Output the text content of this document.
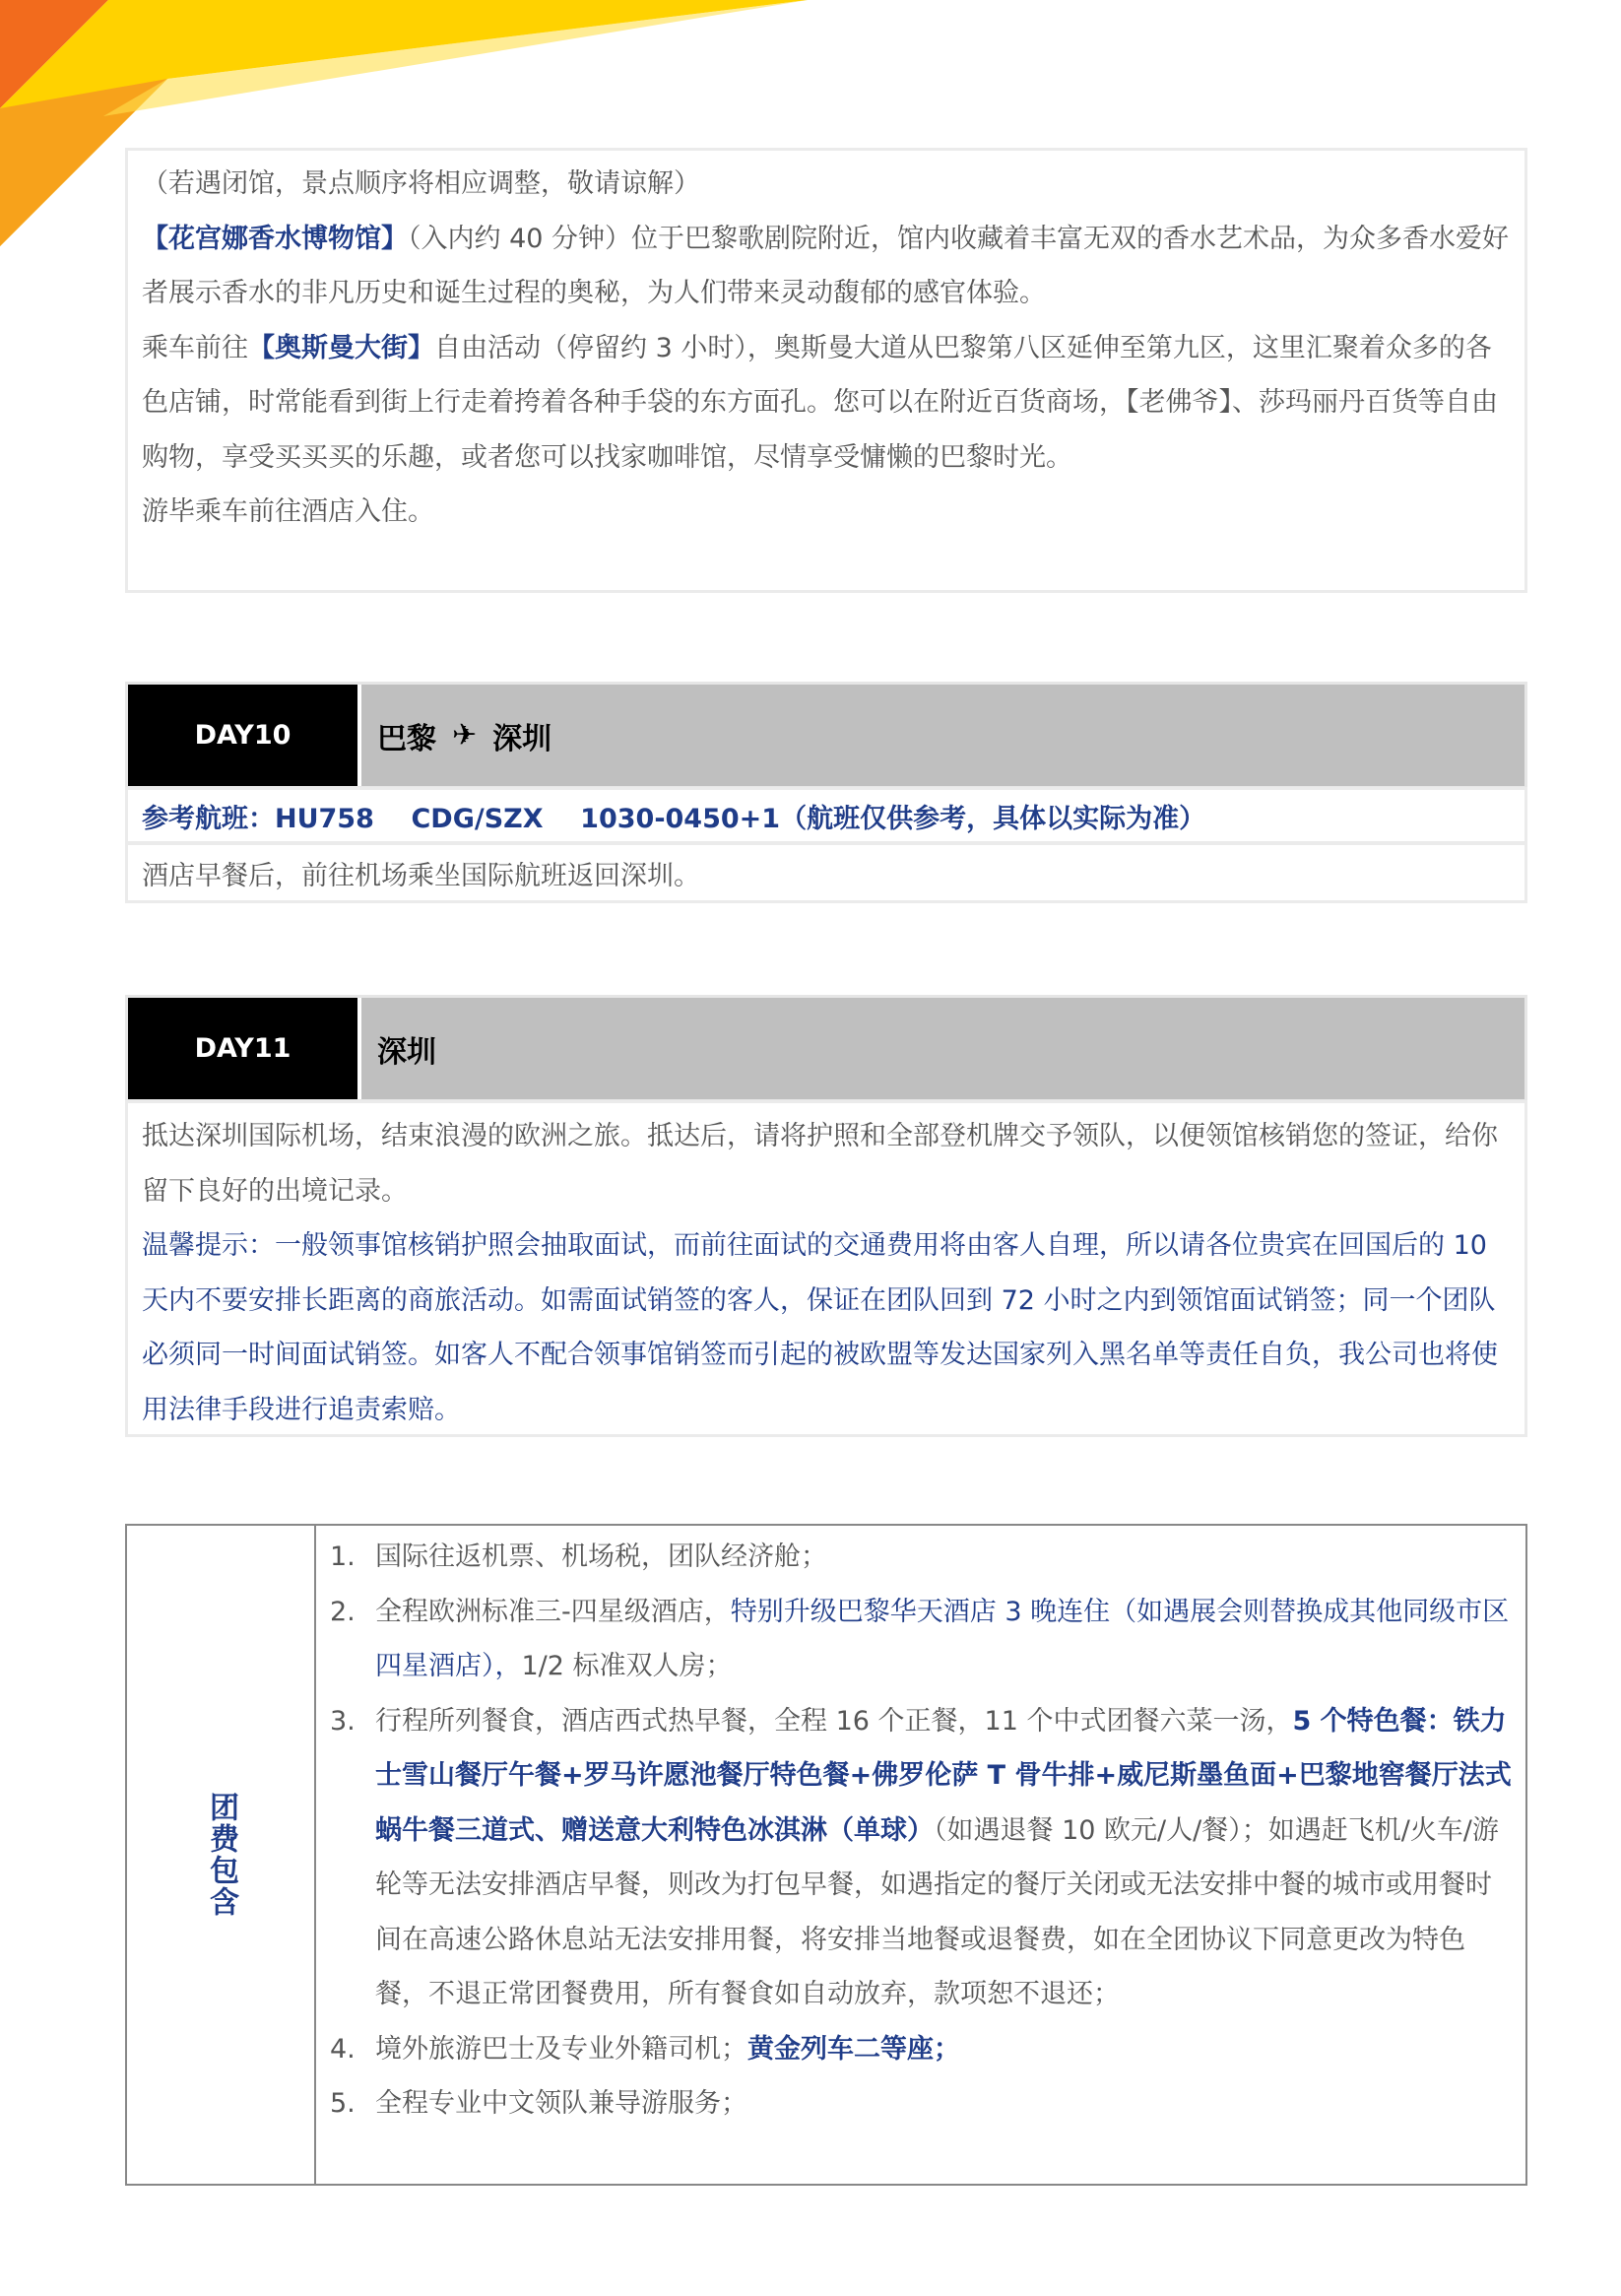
（若遇闭馆，景点顺序将相应调整，敬请谅解）

【花宫娜香水博物馆】（入内约 40 分钟）位于巴黎歌剧院附近，馆内收藏着丰富无双的香水艺术品，为众多香水爱好者展示香水的非凡历史和诞生过程的奥秘，为人们带来灵动馥郁的感官体验。

乘车前往【奥斯曼大街】自由活动（停留约 3 小时），奥斯曼大道从巴黎第八区延伸至第九区，这里汇聚着众多的各色店铺，时常能看到街上行走着挎着各种手袋的东方面孔。您可以在附近百货商场，【老佛爷】、莎玛丽丹百货等自由购物，享受买买买的乐趣，或者您可以找家咖啡馆，尽情享受慵懒的巴黎时光。

游毕乘车前往酒店入住。

DAY10	巴黎 ✈ 深圳
参考航班：HU758    CDG/SZX    1030-0450+1（航班仅供参考，具体以实际为准）
酒店早餐后，前往机场乘坐国际航班返回深圳。
DAY11	深圳

抵达深圳国际机场，结束浪漫的欧洲之旅。抵达后，请将护照和全部登机牌交予领队，以便领馆核销您的签证，给你留下良好的出境记录。

温馨提示：一般领事馆核销护照会抽取面试，而前往面试的交通费用将由客人自理，所以请各位贵宾在回国后的 10 天内不要安排长距离的商旅活动。如需面试销签的客人，保证在团队回到 72 小时之内到领馆面试销签；同一个团队必须同一时间面试销签。如客人不配合领事馆销签而引起的被欧盟等发达国家列入黑名单等责任自负，我公司也将使用法律手段进行追责索赔。

团费包含
1. 国际往返机票、机场税，团队经济舱；
2. 全程欧洲标准三-四星级酒店，特别升级巴黎华天酒店 3 晚连住（如遇展会则替换成其他同级市区四星酒店），1/2 标准双人房；
3. 行程所列餐食，酒店西式热早餐，全程 16 个正餐，11 个中式团餐六菜一汤，5 个特色餐：铁力士雪山餐厅午餐+罗马许愿池餐厅特色餐+佛罗伦萨 T 骨牛排+威尼斯墨鱼面+巴黎地窖餐厅法式蜗牛餐三道式、赠送意大利特色冰淇淋（单球）（如遇退餐 10 欧元/人/餐）；如遇赶飞机/火车/游轮等无法安排酒店早餐，则改为打包早餐，如遇指定的餐厅关闭或无法安排中餐的城市或用餐时间在高速公路休息站无法安排用餐，将安排当地餐或退餐费，如在全团协议下同意更改为特色餐，不退正常团餐费用，所有餐食如自动放弃，款项恕不退还；
4. 境外旅游巴士及专业外籍司机；黄金列车二等座；
5. 全程专业中文领队兼导游服务；
